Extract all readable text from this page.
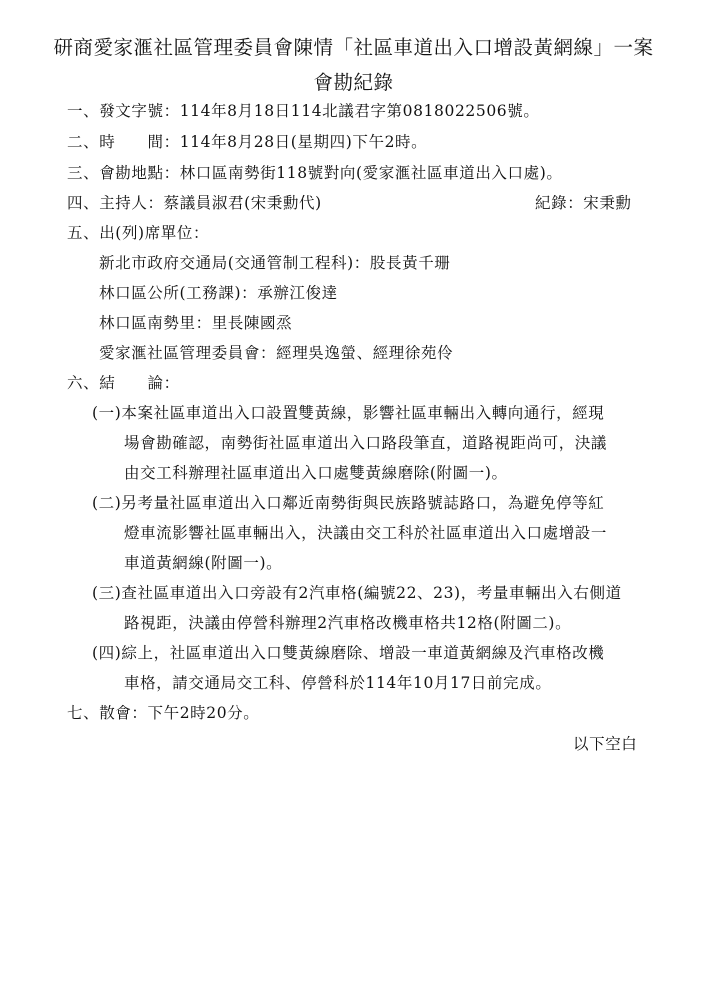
研商愛家滙社區管理委員會陳情「社區車道出入口增設黃網線」一案
會勘紀錄
一、發文字號：114年8月18日114北議君字第0818022506號。
二、時　　間：114年8月28日(星期四)下午2時。
三、會勘地點：林口區南勢街118號對向(愛家滙社區車道出入口處)。
四、主持人：蔡議員淑君(宋秉勳代)	紀錄：宋秉勳
五、出(列)席單位：
新北市政府交通局(交通管制工程科)：股長黃千珊
林口區公所(工務課)：承辦江俊達
林口區南勢里：里長陳國烝
愛家滙社區管理委員會：經理吳逸螢、經理徐苑伶
六、結　　論：
(一)本案社區車道出入口設置雙黃線，影響社區車輛出入轉向通行，經現
場會勘確認，南勢街社區車道出入口路段筆直，道路視距尚可，決議
由交工科辦理社區車道出入口處雙黃線磨除(附圖一)。
(二)另考量社區車道出入口鄰近南勢街與民族路號誌路口，為避免停等紅
燈車流影響社區車輛出入，決議由交工科於社區車道出入口處增設一
車道黃網線(附圖一)。
(三)查社區車道出入口旁設有2汽車格(編號22、23)，考量車輛出入右側道
路視距，決議由停營科辦理2汽車格改機車格共12格(附圖二)。
(四)綜上，社區車道出入口雙黃線磨除、增設一車道黃網線及汽車格改機
車格，請交通局交工科、停營科於114年10月17日前完成。
七、散會：下午2時20分。
以下空白
